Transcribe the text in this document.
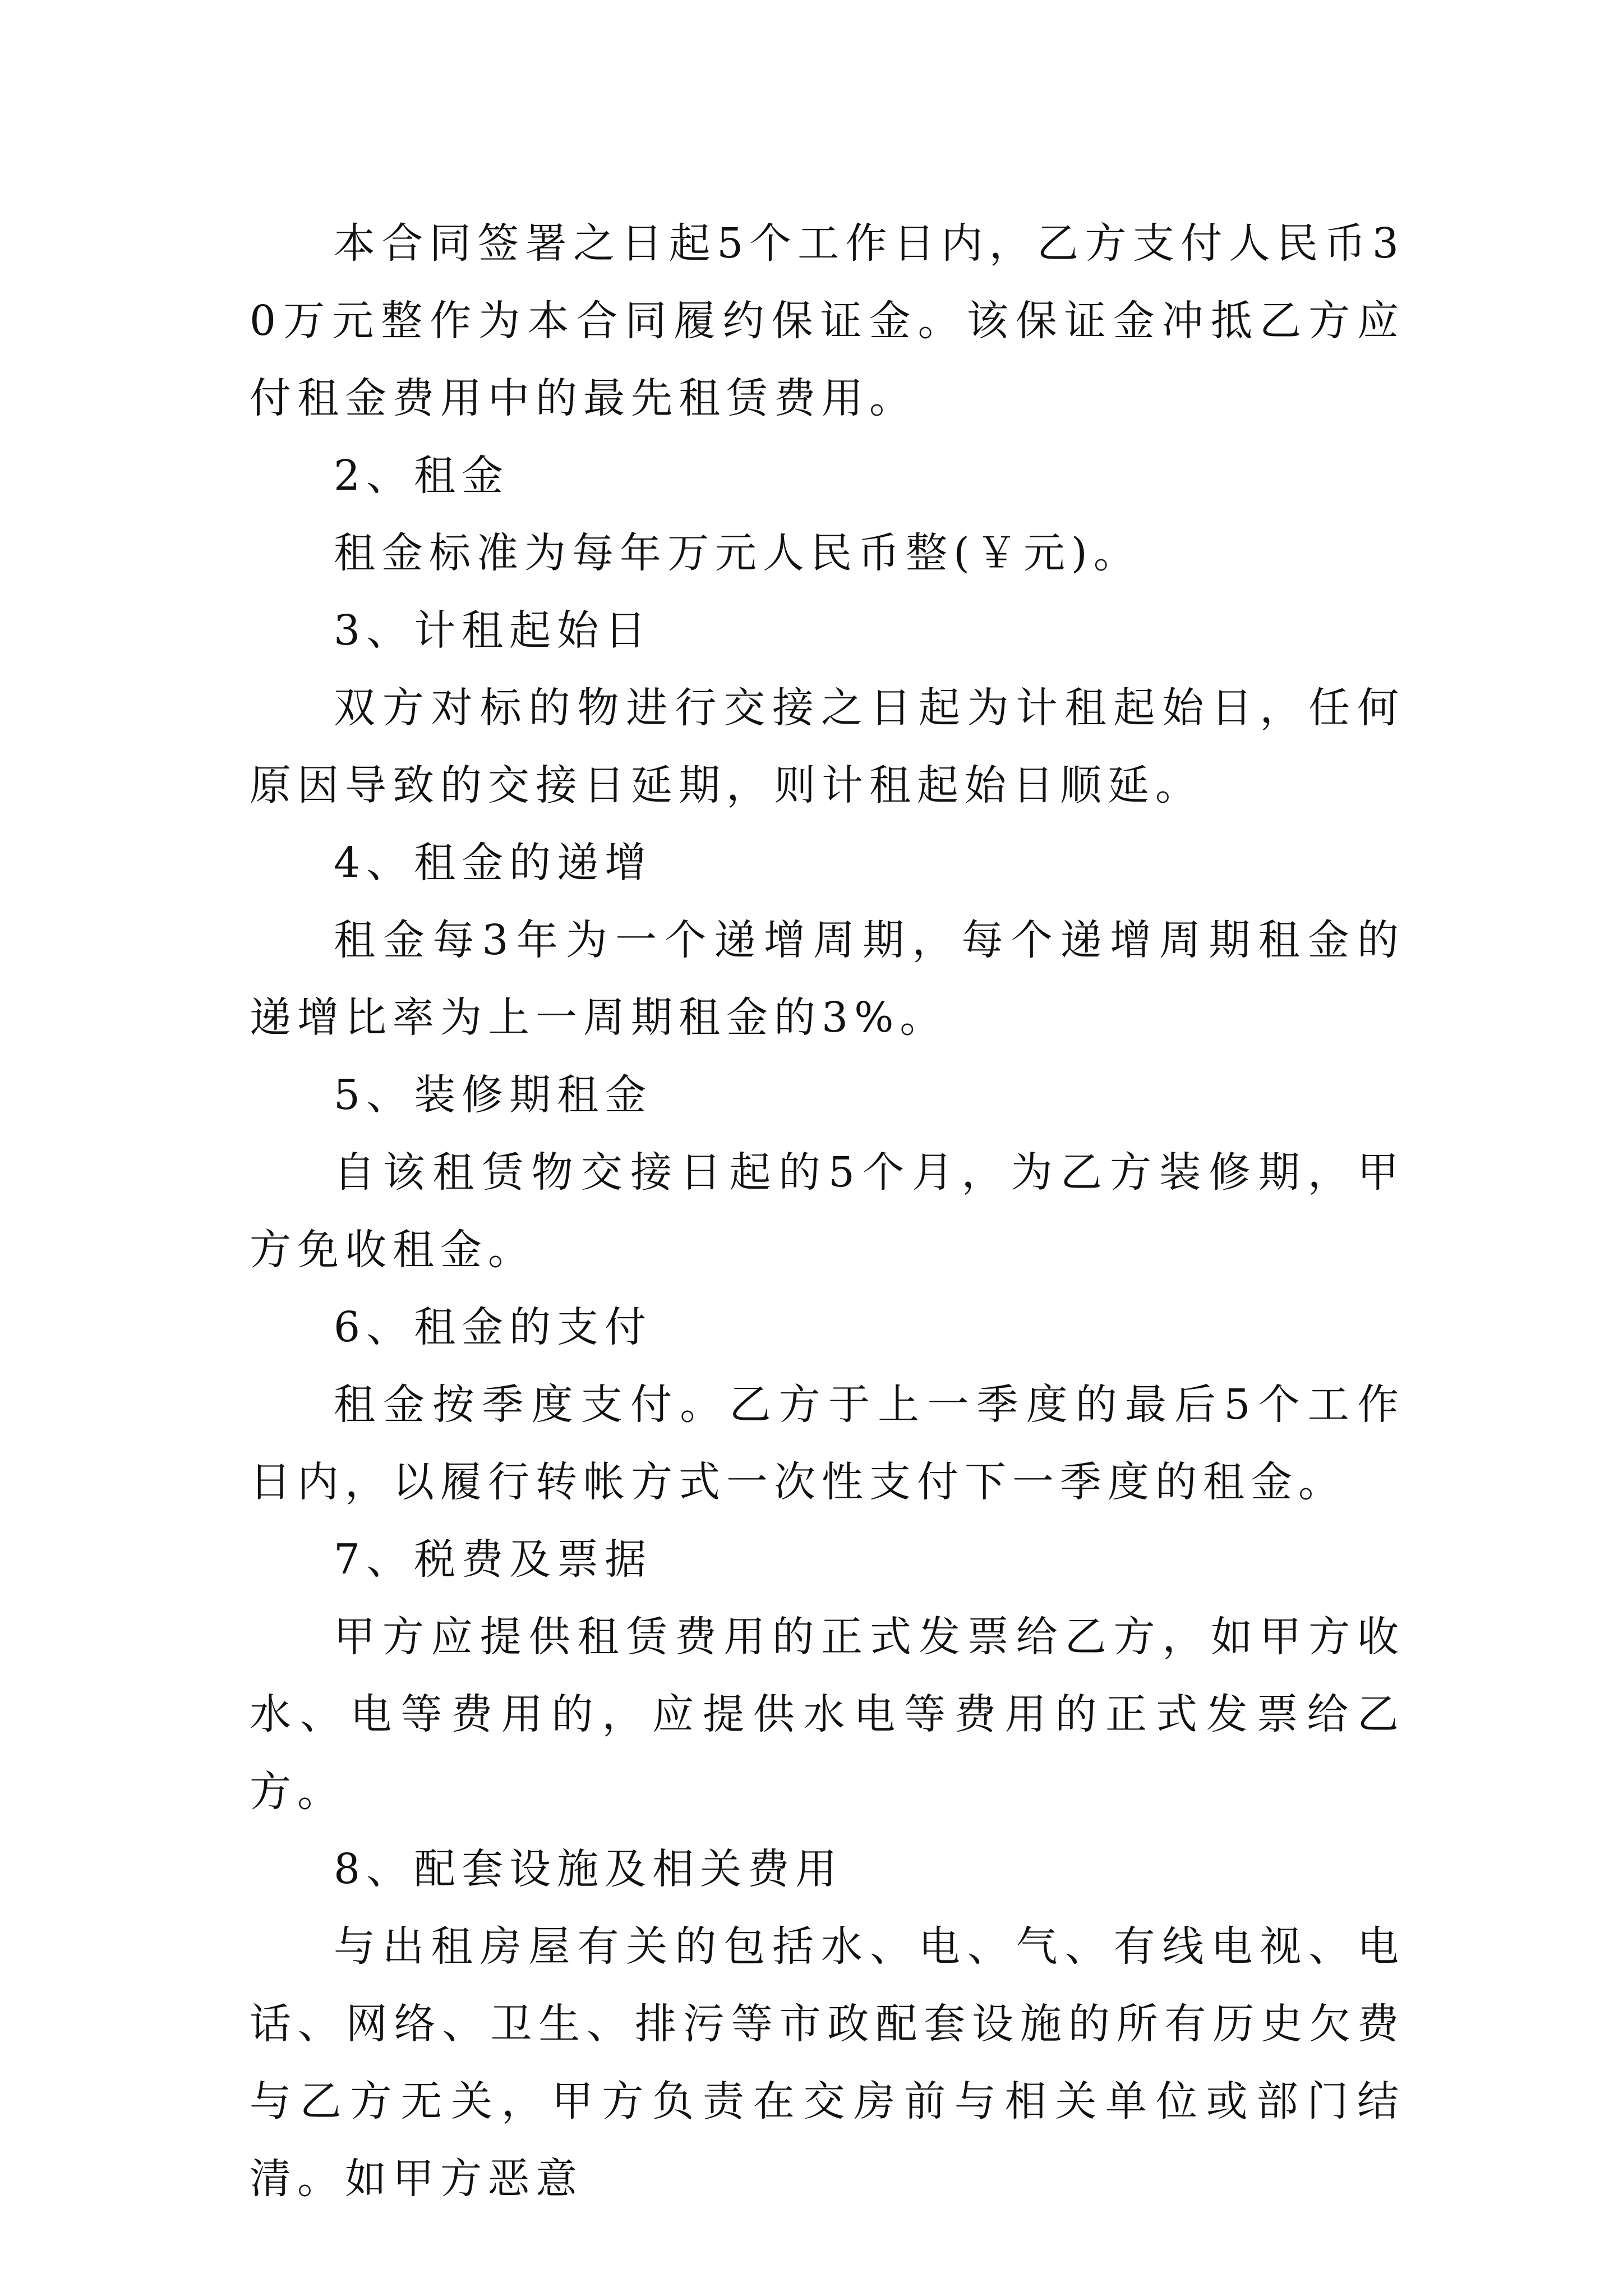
本合同签署之日起5个工作日内，乙方支付人民币30万元整作为本合同履约保证金。该保证金冲抵乙方应付租金费用中的最先租赁费用。

2、租金

租金标准为每年万元人民币整(￥元)。

3、计租起始日

双方对标的物进行交接之日起为计租起始日，任何原因导致的交接日延期，则计租起始日顺延。

4、租金的递增

租金每3年为一个递增周期，每个递增周期租金的递增比率为上一周期租金的3%。

5、装修期租金

自该租赁物交接日起的5个月，为乙方装修期，甲方免收租金。

6、租金的支付

租金按季度支付。乙方于上一季度的最后5个工作日内，以履行转帐方式一次性支付下一季度的租金。

7、税费及票据

甲方应提供租赁费用的正式发票给乙方，如甲方收水、电等费用的，应提供水电等费用的正式发票给乙方。

8、配套设施及相关费用

与出租房屋有关的包括水、电、气、有线电视、电话、网络、卫生、排污等市政配套设施的所有历史欠费与乙方无关，甲方负责在交房前与相关单位或部门结清。如甲方恶意
